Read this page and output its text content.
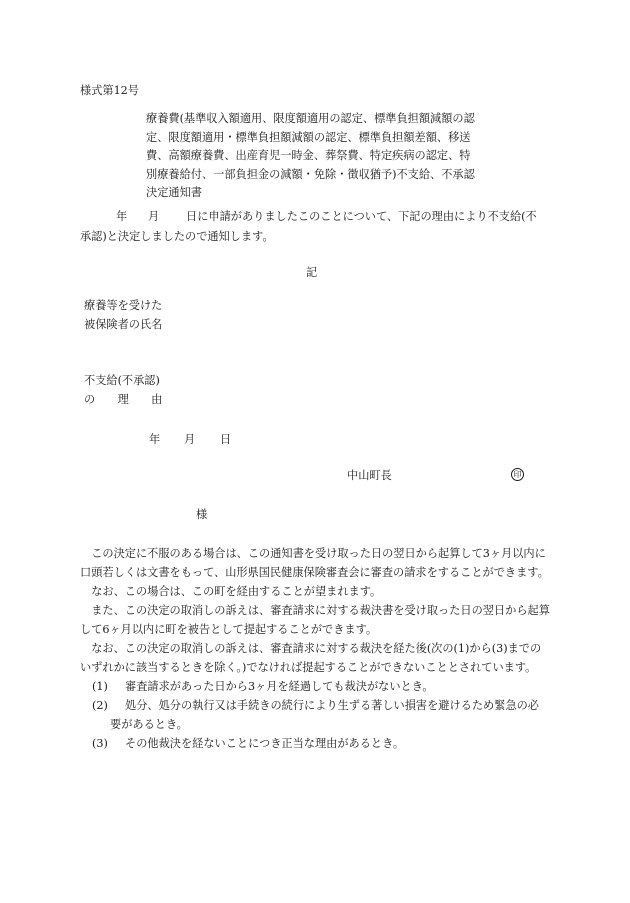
様式第12号
療養費(基準収入額適用、限度額適用の認定、標準負担額減額の認
定、限度額適用・標準負担額減額の認定、標準負担額差額、移送
費、高額療養費、出産育児一時金、葬祭費、特定疾病の認定、特
別療養給付、一部負担金の減額・免除・徴収猶予)不支給、不承認
決定通知書
年 月 日に申請がありましたこのことについて、下記の理由により不支給(不
承認)と決定しましたので通知します。
記
療養等を受けた
被保険者の氏名
不支給(不承認)
の　　理　　由
年 月 日
中山町長	印
様

　この決定に不服のある場合は、この通知書を受け取った日の翌日から起算して3ヶ月以内に口頭若しくは文書をもって、山形県国民健康保険審査会に審査の請求をすることができます。

　なお、この場合は、この町を経由することが望まれます。

　また、この決定の取消しの訴えは、審査請求に対する裁決書を受け取った日の翌日から起算して6ヶ月以内に町を被告として提起することができます。

　なお、この決定の取消しの訴えは、審査請求に対する裁決を経た後(次の(1)から(3)までのいずれかに該当するときを除く。)でなければ提起することができないこととされています。

(1)	審査請求があった日から3ヶ月を経過しても裁決がないとき。
(2)	処分、処分の執行又は手続きの続行により生ずる著しい損害を避けるため緊急の必
要があるとき。
(3)	その他裁決を経ないことにつき正当な理由があるとき。
